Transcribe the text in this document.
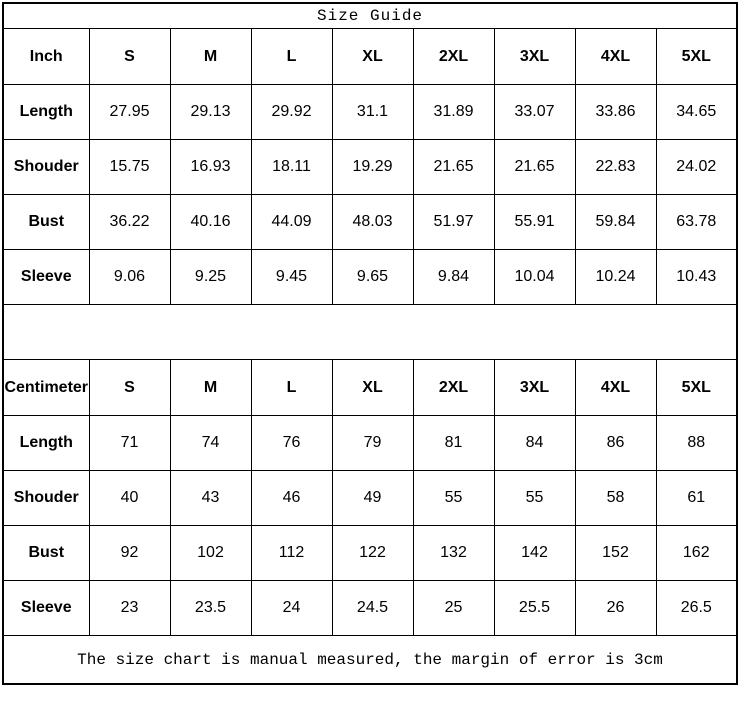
Size Guide								
Inch	S	M	L	XL	2XL	3XL	4XL	5XL
Length	27.95	29.13	29.92	31.1	31.89	33.07	33.86	34.65
Shouder	15.75	16.93	18.11	19.29	21.65	21.65	22.83	24.02
Bust	36.22	40.16	44.09	48.03	51.97	55.91	59.84	63.78
Sleeve	9.06	9.25	9.45	9.65	9.84	10.04	10.24	10.43

Centimeter	S	M	L	XL	2XL	3XL	4XL	5XL
Length	71	74	76	79	81	84	86	88
Shouder	40	43	46	49	55	55	58	61
Bust	92	102	112	122	132	142	152	162
Sleeve	23	23.5	24	24.5	25	25.5	26	26.5
The size chart is manual measured, the margin of error is 3cm								
